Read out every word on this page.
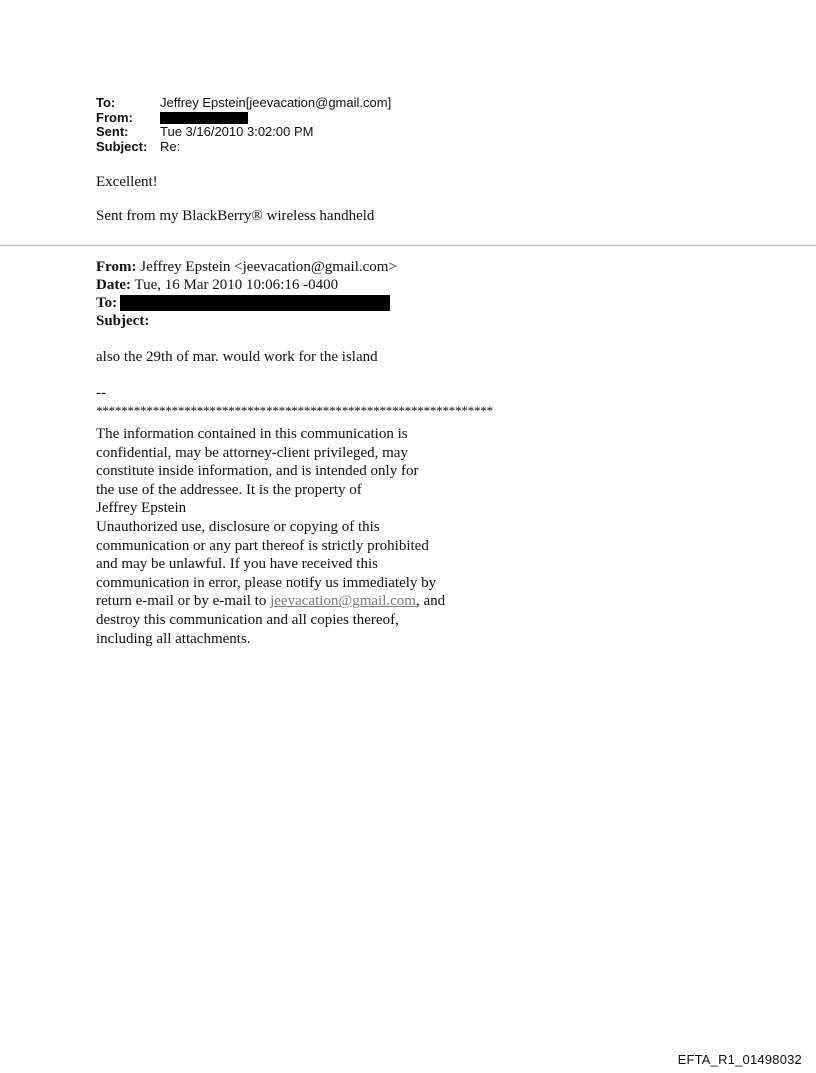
To:	Jeffrey Epstein[jeevacation@gmail.com]
From:
Sent:	Tue 3/16/2010 3:02:00 PM
Subject: Re:
Excellent!
Sent from my BlackBerry® wireless handheld
From: Jeffrey Epstein <jeevacation@gmail.com>
Date: Tue, 16 Mar 2010 10:06:16 -0400
To:
Subject:
also the 29th of mar. would work for the island
--
***************************************************************
The information contained in this communication is
confidential, may be attorney-client privileged, may
constitute inside information, and is intended only for
the use of the addressee. It is the property of
Jeffrey Epstein
Unauthorized use, disclosure or copying of this
communication or any part thereof is strictly prohibited
and may be unlawful. If you have received this
communication in error, please notify us immediately by
return e-mail or by e-mail to jeevacation@gmail.com, and
destroy this communication and all copies thereof,
including all attachments.
EFTA_R1_01498032
